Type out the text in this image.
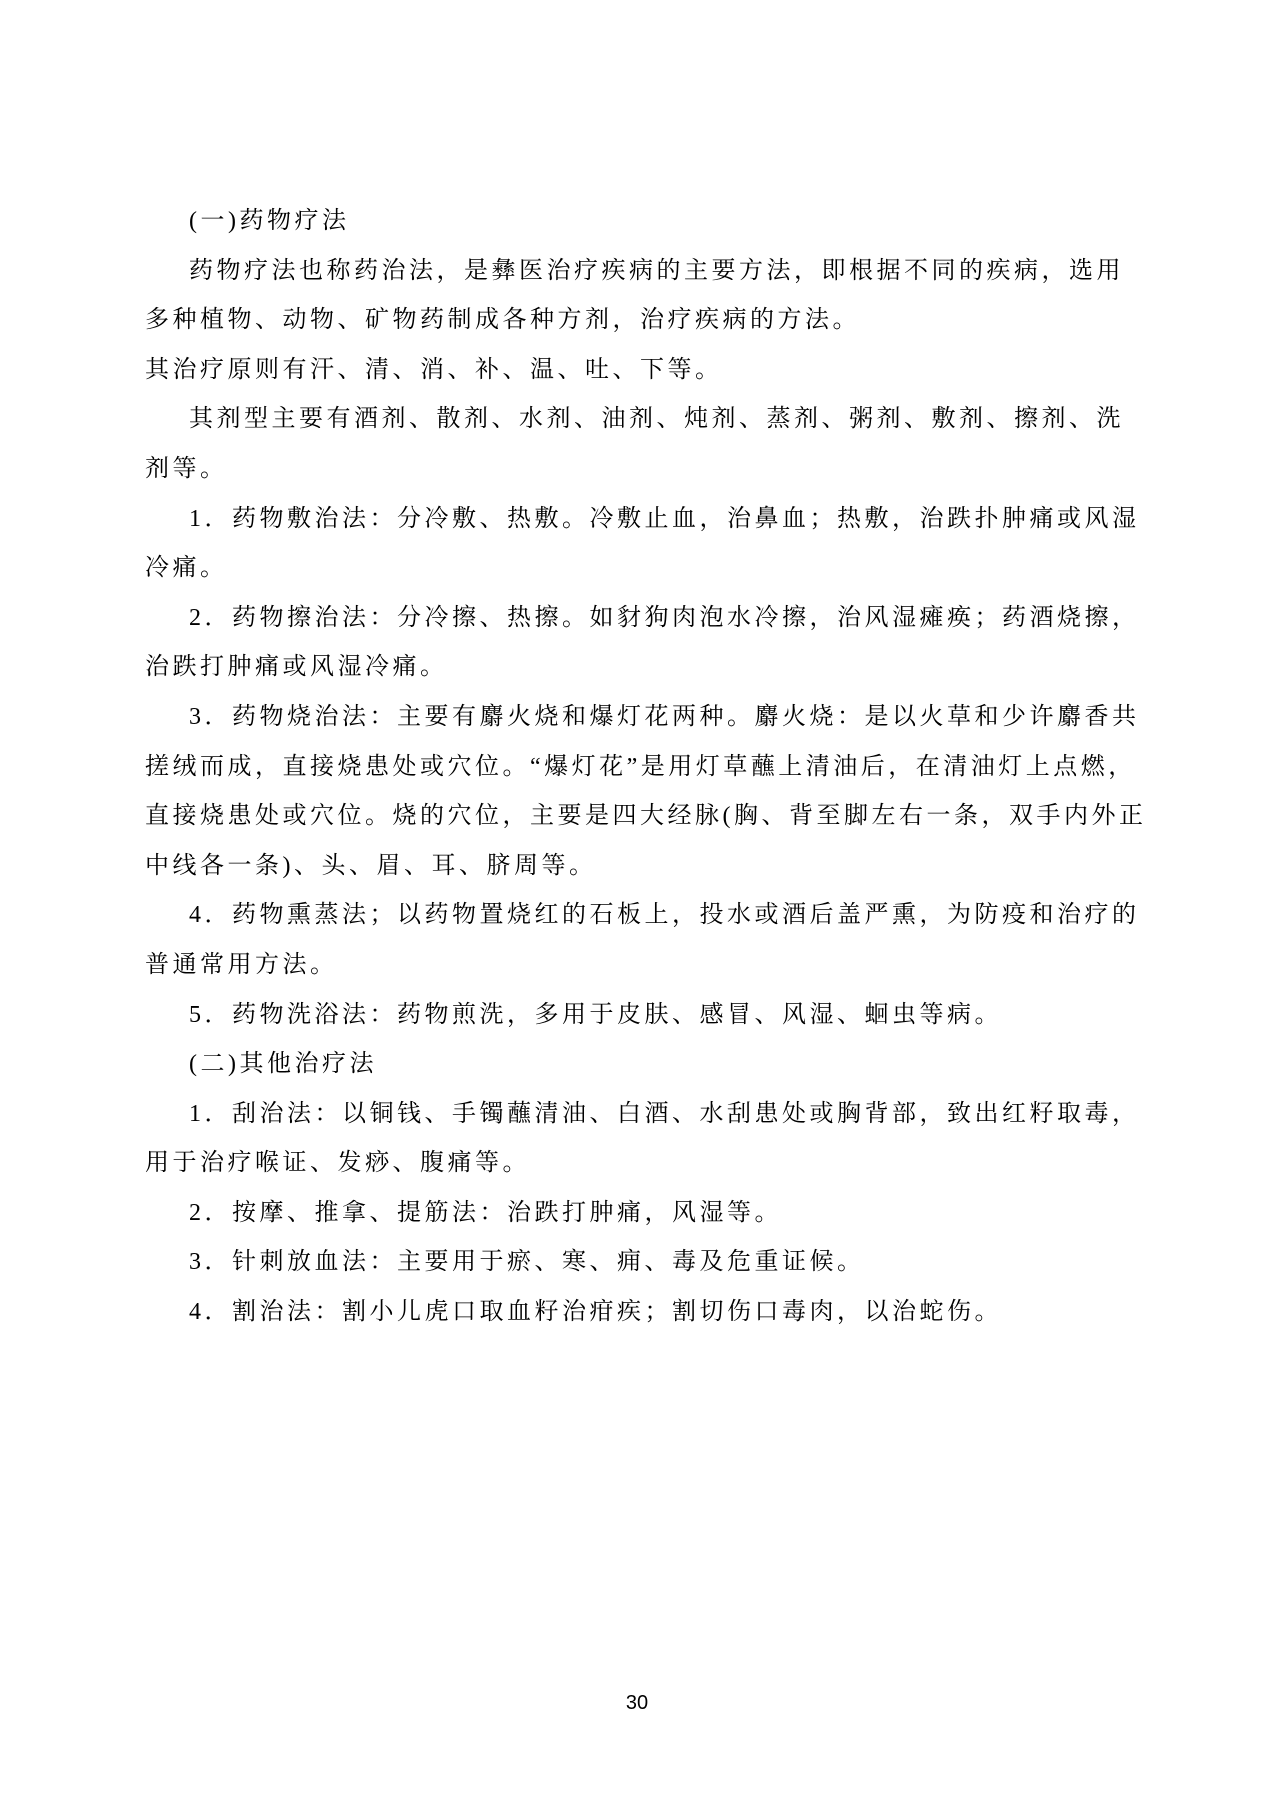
(一)药物疗法
药物疗法也称药治法，是彝医治疗疾病的主要方法，即根据不同的疾病，选用
多种植物、动物、矿物药制成各种方剂，治疗疾病的方法。
其治疗原则有汗、清、消、补、温、吐、下等。
其剂型主要有酒剂、散剂、水剂、油剂、炖剂、蒸剂、粥剂、敷剂、擦剂、洗
剂等。
1．药物敷治法：分冷敷、热敷。冷敷止血，治鼻血；热敷，治跌扑肿痛或风湿
冷痛。
2．药物擦治法：分冷擦、热擦。如豺狗肉泡水冷擦，治风湿瘫痪；药酒烧擦，
治跌打肿痛或风湿冷痛。
3．药物烧治法：主要有麝火烧和爆灯花两种。麝火烧：是以火草和少许麝香共
搓绒而成，直接烧患处或穴位。“爆灯花”是用灯草蘸上清油后，在清油灯上点燃，
直接烧患处或穴位。烧的穴位，主要是四大经脉(胸、背至脚左右一条，双手内外正
中线各一条)、头、眉、耳、脐周等。
4．药物熏蒸法；以药物置烧红的石板上，投水或酒后盖严熏，为防疫和治疗的
普通常用方法。
5．药物洗浴法：药物煎洗，多用于皮肤、感冒、风湿、蛔虫等病。
(二)其他治疗法
1．刮治法：以铜钱、手镯蘸清油、白酒、水刮患处或胸背部，致出红籽取毒，
用于治疗喉证、发痧、腹痛等。
2．按摩、推拿、提筋法：治跌打肿痛，风湿等。
3．针刺放血法：主要用于瘀、寒、痈、毒及危重证候。
4．割治法：割小儿虎口取血籽治疳疾；割切伤口毒肉，以治蛇伤。
30
